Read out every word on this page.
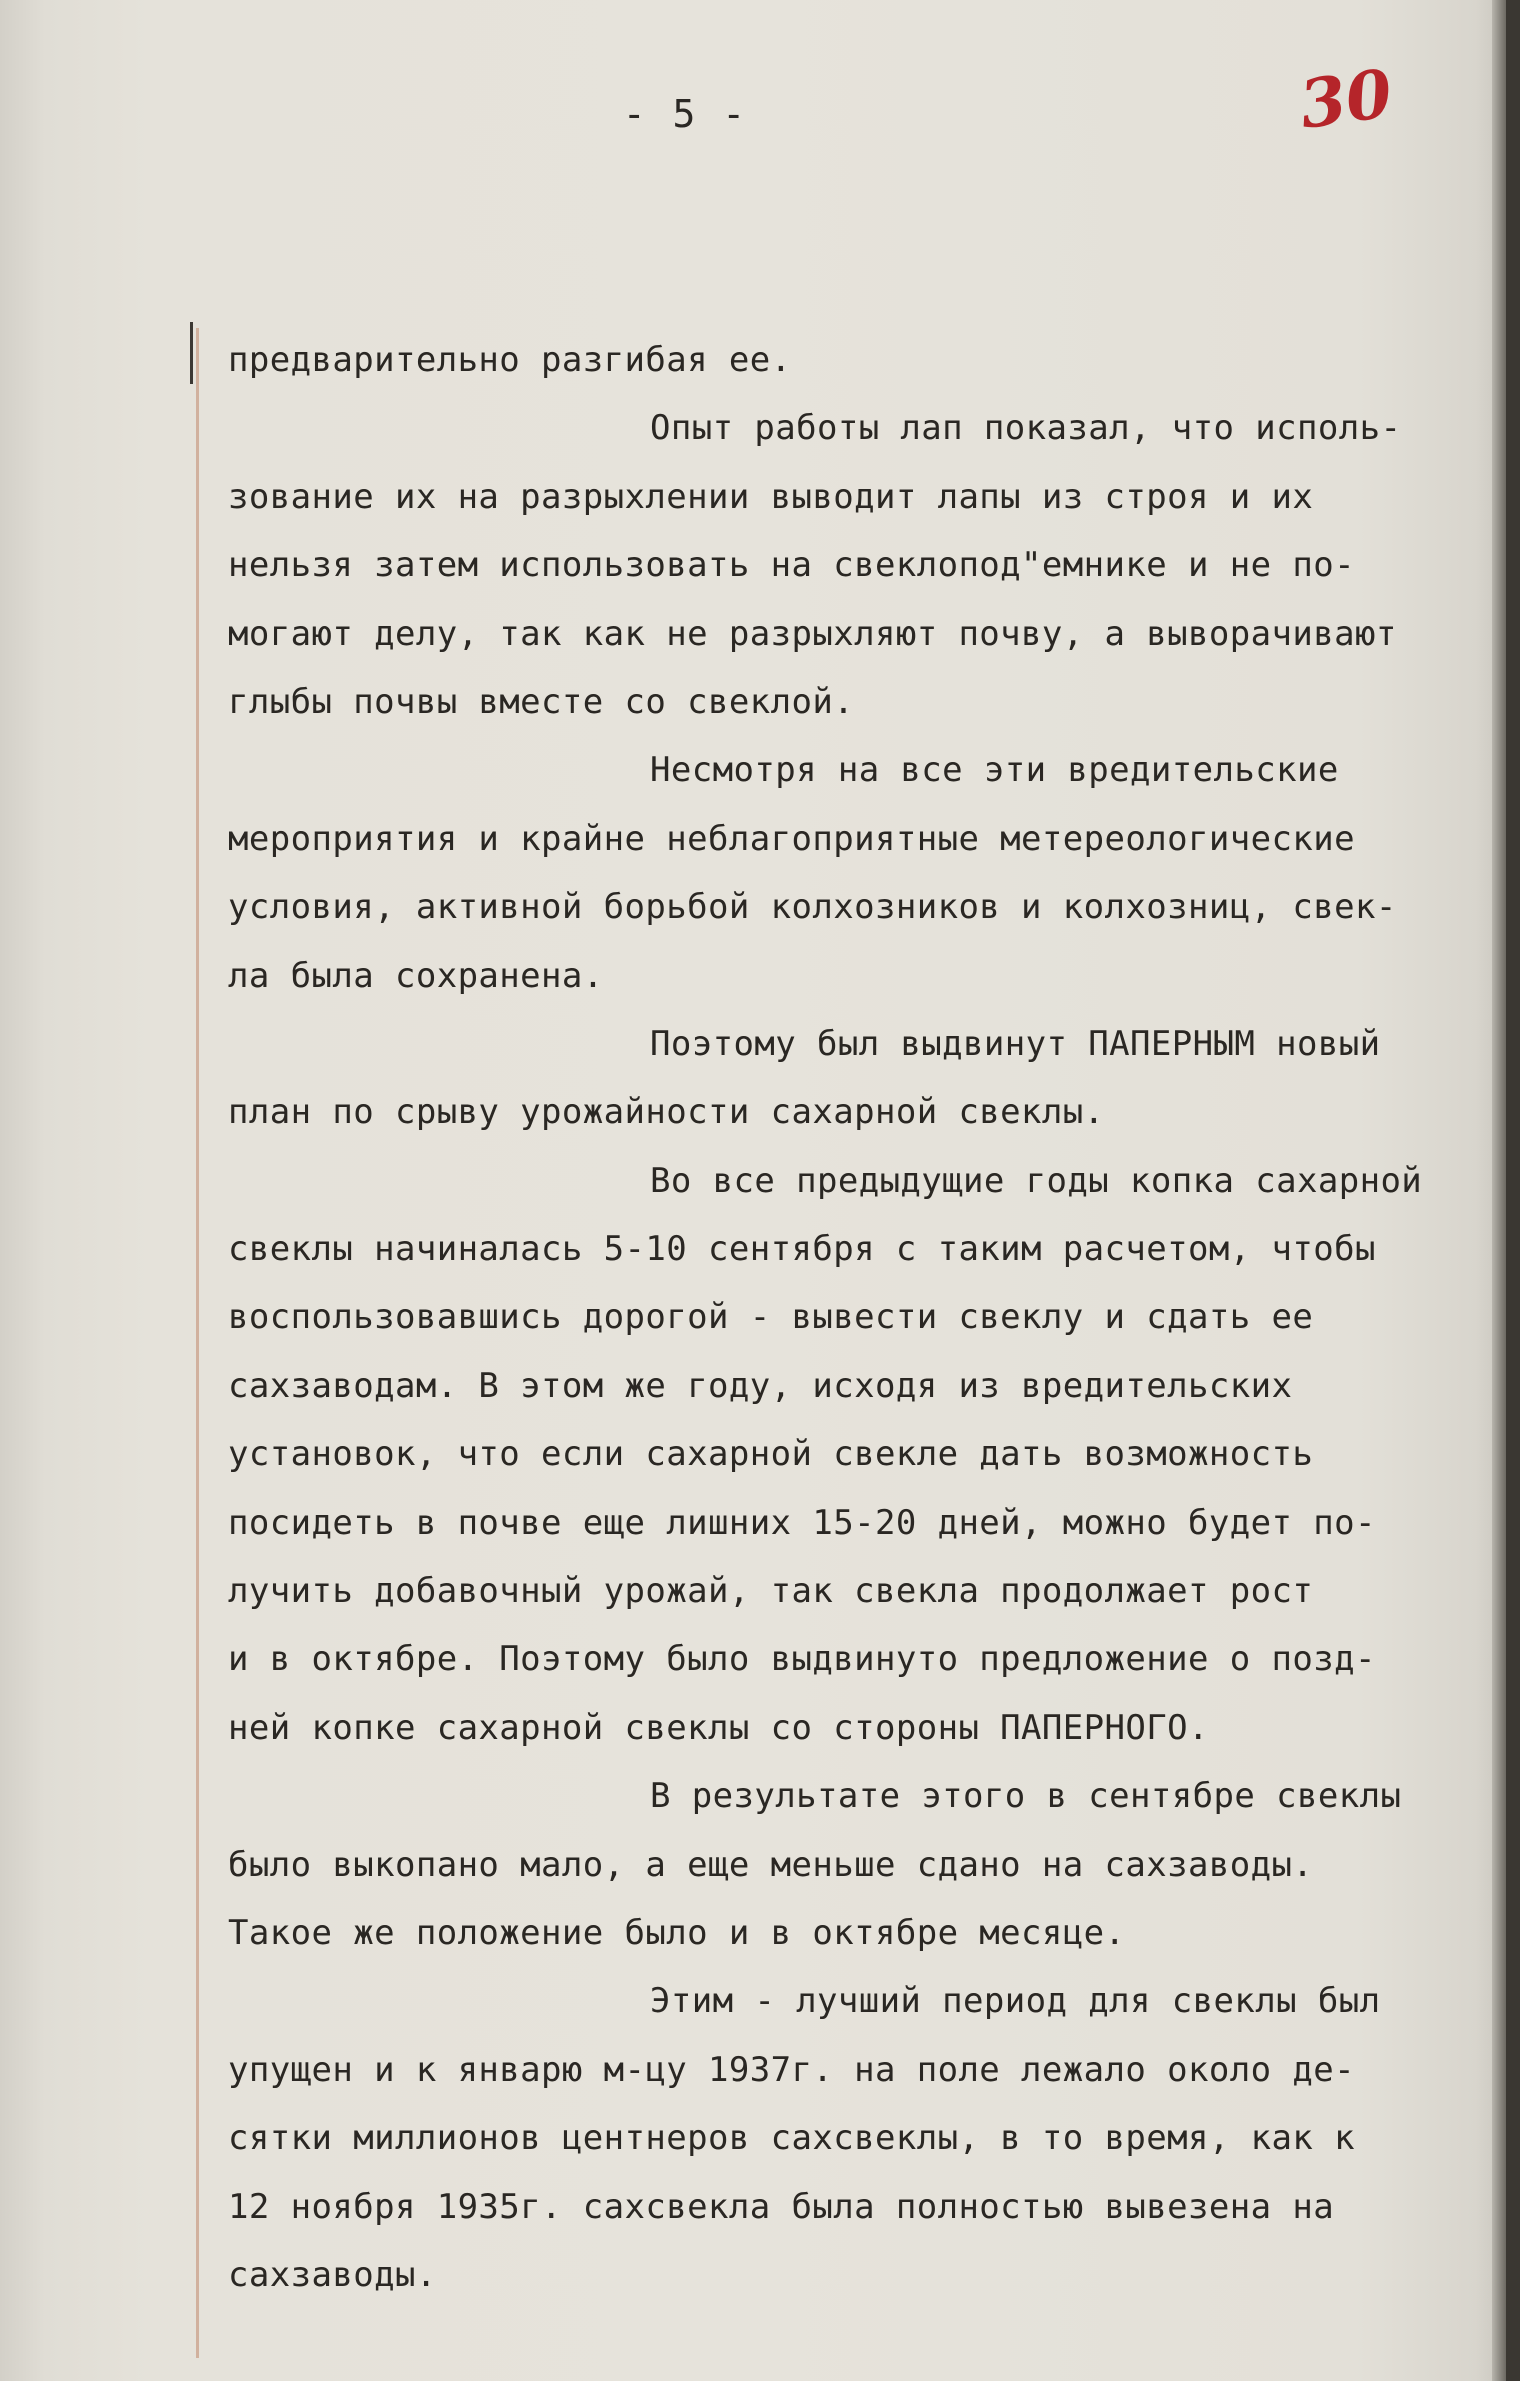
- 5 -	30
предварительно разгибая ее.
Опыт работы лап показал, что исполь-
зование их на разрыхлении выводит лапы из строя и их
нельзя затем использовать на свеклопод"емнике и не по-
могают делу, так как не разрыхляют почву, а выворачивают
глыбы почвы вместе со свеклой.
Несмотря на все эти вредительские
мероприятия и крайне неблагоприятные метереологические
условия, активной борьбой колхозников и колхозниц, свек-
ла была сохранена.
Поэтому был выдвинут ПАПЕРНЫМ новый
план по срыву урожайности сахарной свеклы.
Во все предыдущие годы копка сахарной
свеклы начиналась 5-10 сентября с таким расчетом, чтобы
воспользовавшись дорогой - вывести свеклу и сдать ее
сахзаводам. В этом же году, исходя из вредительских
установок, что если сахарной свекле дать возможность
посидеть в почве еще лишних 15-20 дней, можно будет по-
лучить добавочный урожай, так свекла продолжает рост
и в октябре. Поэтому было выдвинуто предложение о позд-
ней копке сахарной свеклы со стороны ПАПЕРНОГО.
В результате этого в сентябре свеклы
было выкопано мало, а еще меньше сдано на сахзаводы.
Такое же положение было и в октябре месяце.
Этим - лучший период для свеклы был
упущен и к январю м-цу 1937г. на поле лежало около де-
сятки миллионов центнеров сахсвеклы, в то время, как к
12 ноября 1935г. сахсвекла была полностью вывезена на
сахзаводы.
